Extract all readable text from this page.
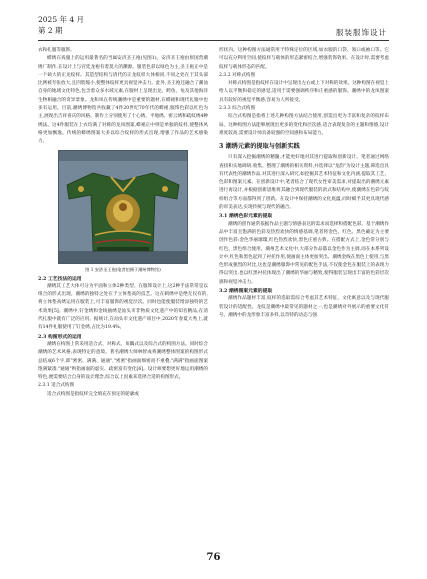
2025 年 4 月
第 2 期	服装服饰设计

衣和扎服等服饰。

蟒绣在戏服上的运用最著名的当属安济圣王袍(见图1)。安济圣王袍由原国营潮绣厂制作,在设计上与宫廷龙袍有着莫大的渊源。服装色彩以绿色为主,圣王袍正中是一个硕大的正龙纹样。其造型结构与清代的正龙纹样大体相同,不同之处在于其头部比例被夸张放大,且四肢缩小,使整体纹样更具视觉冲击力。此外,圣王袍还融合了潮汕自身的地域文化特色,包含着众多水域元素,在服材上呈现出龙、鳄鱼、龟及其他海洋生物相融合的奇异景象。龙和凤在传统潮绣中是重要的题材,在蟒裙和现代礼服中也多有运用。目前,潮绣博物馆共收藏了4件20世纪70年代的蟒裙,服饰色彩以红色为主,展现出吉祥喜庆的风格。制作上分别使用了十心绣、平地绣、密云绣和疏纹绣4种绣法。这4件服装在上衣均满了对称的龙凤图案,蟒裙正中则是单独的纹样,使整体风格更加飘逸。传统的蟒绣图案大多以综合纹样的形式出现,增强了作品的艺术感染力。

图 1 安济圣王袍(笔者拍摄于潮州博物馆)
2.2 工艺技法的运用

潮绣其工艺大体可分为平面和立体2种类型。在服饰设计上,这2种手法常常是以组合的形式出现。潮绣的独特之处在于立体垫高的技艺。这在刺绣中是绝无仅有的,将立体垫高绣运用在服装上,可丰富服饰的视觉层次。同时也能使服装增添独特的艺术效果[5]。潮绣中,钉金绣和金线抽绣是汕头市非物质文化遗产中的知名精品,在清代扎服中就有广泛的应用。据统计,在汕头市文化遗产项目中,2020年春夏大秀上,就有14件礼服使用了钉金绣,占比为19.4%。

2.3 构图形式的运用

潮绣在构图上常采用适合式、对称式、角隅式以及综合式的构图方法。同时综合潮绣的艺术风格,表现特定的意境。著名潮绣大师林智成将潮绣整体图案的构图形式总结成6个字,即"密密、满满、通通","密密"指画面细密而不重叠,"满满"指画面图案饱满紧凑,"通通"则指画面的虚实、疏密富有变化[6]。设计师要想更好地运用潮绣的特色,便需要结合自身的设计理念,综合以上因素来选择合适的构图形式。

2.3.1 适合式构图

适合式构图是指纹样完全填充在预定的轮廓或

形状内。这种构图方法通常用于特殊定位的区域,如衣服的口袋、领口或袖口等。它可以充分利用空间,使纹样与载体的形态紧密结合,增强装饰效果。在设计时,需要考虑纹样与载体形态的匹配。

2.3.2 对称式构图

对称式构图是指纹样在设计中呈现出左右或上下对称的效果。这种构图在视觉上给人以平衡和稳定的感觉,适用于需要强调秩序和庄重感的服饰。潮绣中的龙凤图案具有较好的视觉平衡感,容易为人所接受。

2.3.3 综合式构图

综合式构图是指将上述几种构图方法结合使用,创造出更为丰富和复杂的纹样布局。这种构图方法能够展现出更多的变化和层次感,适合表现复杂的主题和情感,设计难度较高,需要设计师具备较强的空间感和布局能力。

3 潮绣元素的提取与创新实践

只有深入挖掘潮绣的精髓,才能更好地对其进行提取和创新设计。笔者通过网络查找和实地调研,收集、整理了潮绣的相关资料,并选择以"龙韵"为设计主题,筛选出具有代表性的潮绣作品,对其进行深入研究,如挖掘其艺术特征和文化内涵,提取其工艺、色彩和图案元素。在创新设计中,笔者结合了现代女性审美需求,对提取出的潮绣元素进行再设计,并根据创新思维将其融合到现代服装的款式和结构中,使潮绣在色彩与纹样组合等方面都得到了创新。在设计中保持潮绣的文化底蕴,同时赋予其更具现代感的审美表达,实现传统与现代的融合。

3.1 潮绣色彩元素的提取

潮绣的创作通常依据作品主题与情感表达的需求而选择和搭配色彩。基于潮绣作品中丰富且饱满的色彩及热烈欢快的情感基调,笔者将金色、红色、黑色确定为主要创作色彩:金色华丽璀璨,红色热烈欢快,黑色庄重古典。在搭配方式上,金色常分别与红色、黑色组合使用。潮州艺术文化中,大部分作品都以金色作为主调,而在本系列设计中,红色和黑色起到了衬托作用,使画面主体更加突出。潮绣金线在黑色上使用,与黑色形成强烈的对比,这也是潮绣服饰中常见的配色手法,不仅使金色在服装上的表现力得以突出,也以红黑衬托体现出了潮绣的华丽与精致,使得服装呈现出丰富的色彩层次感和视觉冲击力。

3.2 潮绣图案元素的提取

潮绣作品题材丰富,纹样的选取需综合考虑其艺术特征、文化寓意以及与现代服装设计的适配性。龙纹是潮绣中最常见的题材之一,也是潮绣对外展示的重要文化符号。潮绣中的龙形象丰富多样,以奇特的动态与强

76
